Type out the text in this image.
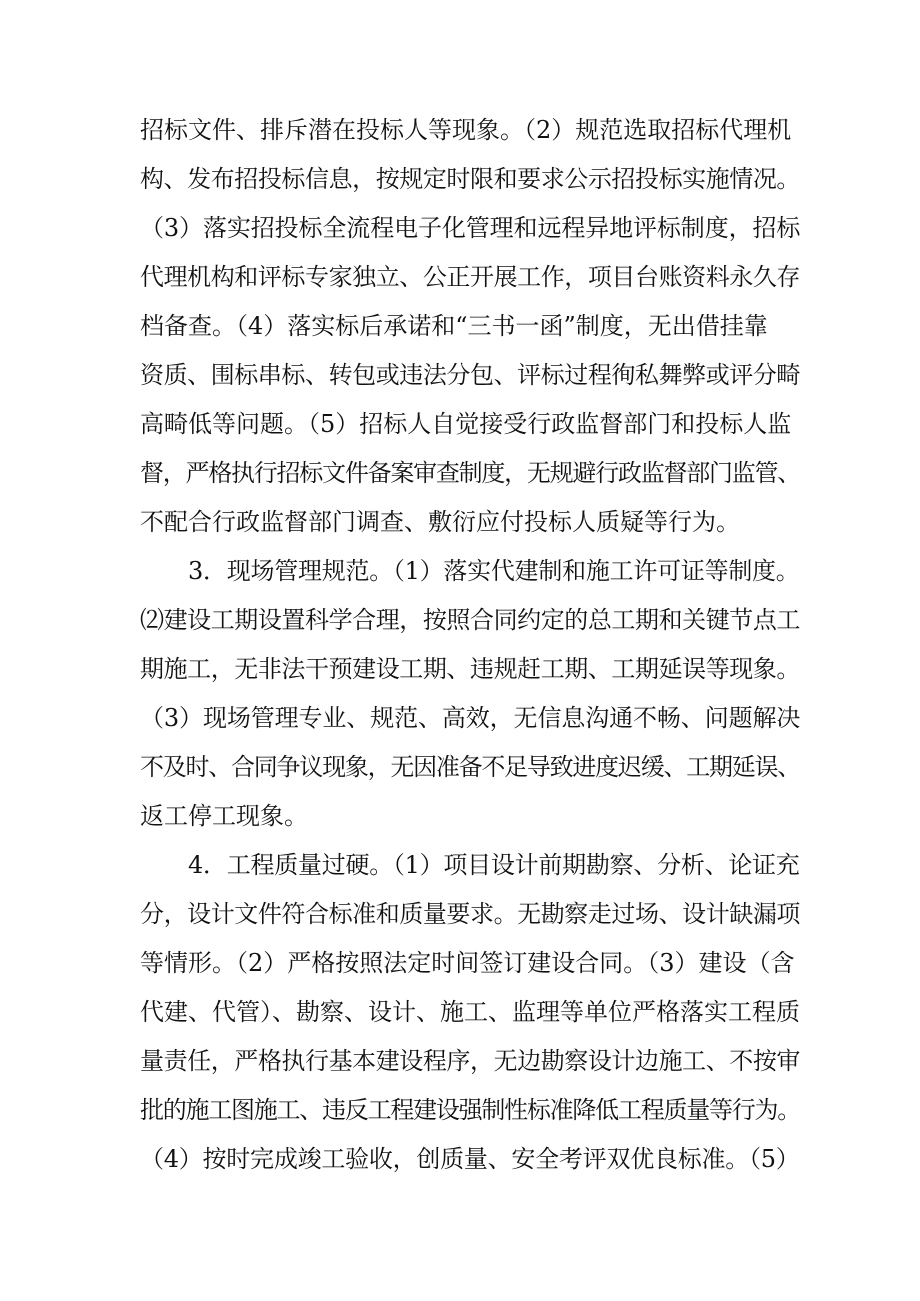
招标文件、排斥潜在投标人等现象。（2）规范选取招标代理机
构、发布招投标信息，按规定时限和要求公示招投标实施情况。
（3）落实招投标全流程电子化管理和远程异地评标制度，招标
代理机构和评标专家独立、公正开展工作，项目台账资料永久存
档备查。（4）落实标后承诺和“三书一函”制度，无出借挂靠
资质、围标串标、转包或违法分包、评标过程徇私舞弊或评分畸
高畸低等问题。（5）招标人自觉接受行政监督部门和投标人监
督，严格执行招标文件备案审查制度，无规避行政监督部门监管、
不配合行政监督部门调查、敷衍应付投标人质疑等行为。
3．现场管理规范。（1）落实代建制和施工许可证等制度。
⑵建设工期设置科学合理，按照合同约定的总工期和关键节点工
期施工，无非法干预建设工期、违规赶工期、工期延误等现象。
（3）现场管理专业、规范、高效，无信息沟通不畅、问题解决
不及时、合同争议现象，无因准备不足导致进度迟缓、工期延误、
返工停工现象。
4．工程质量过硬。（1）项目设计前期勘察、分析、论证充
分，设计文件符合标准和质量要求。无勘察走过场、设计缺漏项
等情形。（2）严格按照法定时间签订建设合同。（3）建设（含
代建、代管）、勘察、设计、施工、监理等单位严格落实工程质
量责任，严格执行基本建设程序，无边勘察设计边施工、不按审
批的施工图施工、违反工程建设强制性标准降低工程质量等行为。
（4）按时完成竣工验收，创质量、安全考评双优良标准。（5）
